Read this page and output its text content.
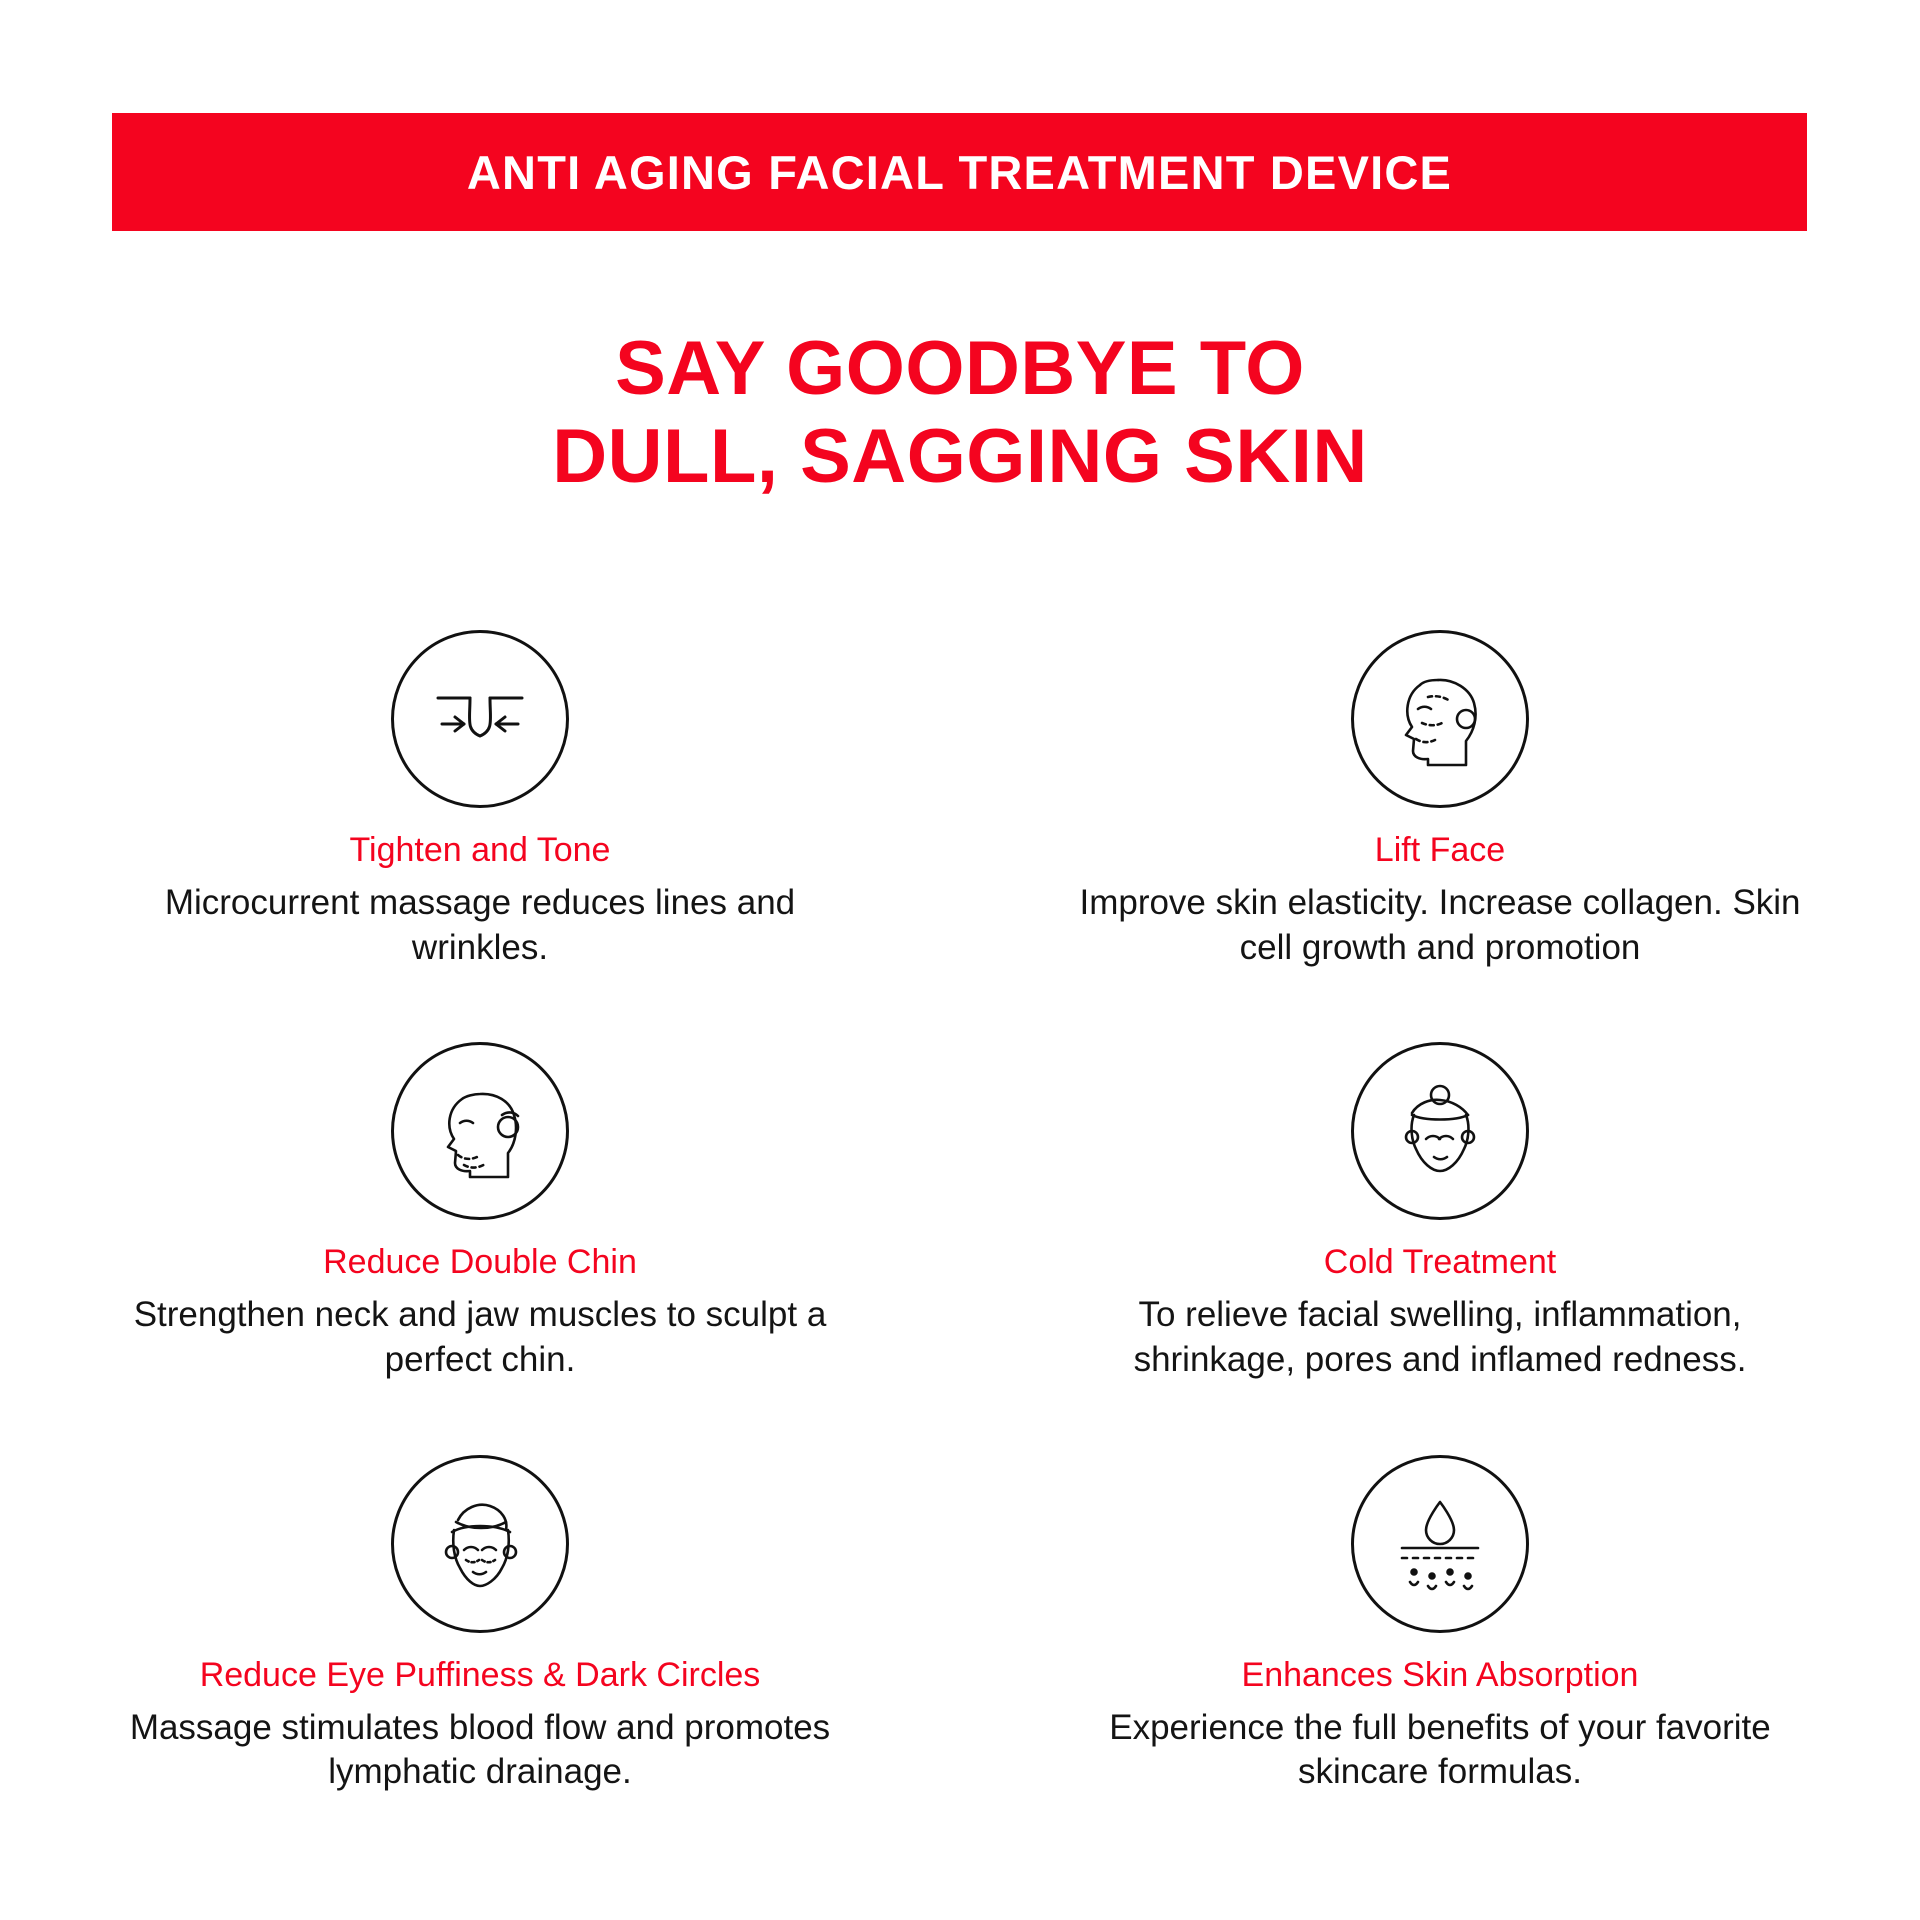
ANTI AGING FACIAL TREATMENT DEVICE
SAY GOODBYE TO
DULL, SAGGING SKIN
Tighten and Tone
Microcurrent massage reduces lines and wrinkles.
Lift Face
Improve skin elasticity. Increase collagen. Skin cell growth and promotion
Reduce Double Chin
Strengthen neck and jaw muscles to sculpt a perfect chin.
Cold Treatment
To relieve facial swelling, inflammation, shrinkage, pores and inflamed redness.
Reduce Eye Puffiness & Dark Circles
Massage stimulates blood flow and promotes lymphatic drainage.
Enhances Skin Absorption
Experience the full benefits of your favorite skincare formulas.
